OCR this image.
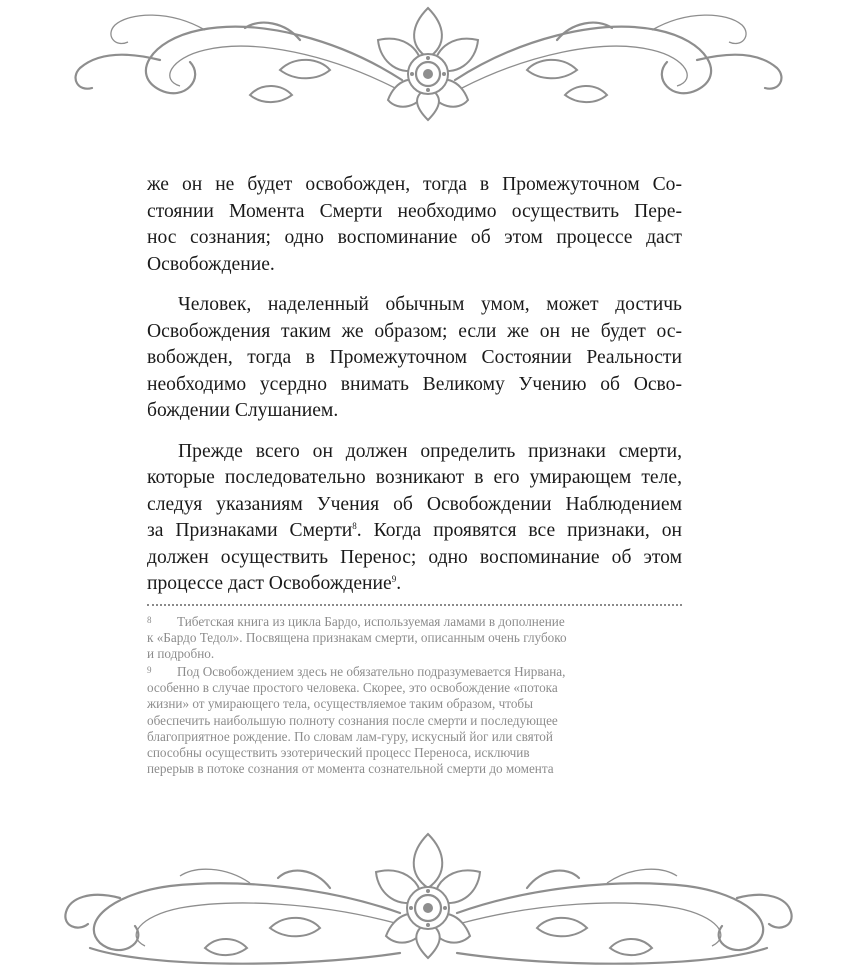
же он не будет освобожден, тогда в Промежуточном Со-
стоянии Момента Смерти необходимо осуществить Пере-
нос сознания; одно воспоминание об этом процессе даст
Освобождение.

Человек, наделенный обычным умом, может достичь
Освобождения таким же образом; если же он не будет ос-
вобожден, тогда в Промежуточном Состоянии Реальности
необходимо усердно внимать Великому Учению об Осво-
бождении Слушанием.

Прежде всего он должен определить признаки смерти,
которые последовательно возникают в его умирающем теле,
следуя указаниям Учения об Освобождении Наблюдением
за Признаками Смерти$^8$. Когда проявятся все признаки, он
должен осуществить Перенос; одно воспоминание об этом
процессе даст Освобождение$^9$.

8 Тибетская книга из цикла Бардо, используемая ламами в дополнение
к «Бардо Тедол». Посвящена признакам смерти, описанным очень глубоко
и подробно.
9 Под Освобождением здесь не обязательно подразумевается Нирвана,
особенно в случае простого человека. Скорее, это освобождение «потока
жизни» от умирающего тела, осуществляемое таким образом, чтобы
обеспечить наибольшую полноту сознания после смерти и последующее
благоприятное рождение. По словам лам-гуру, искусный йог или святой
способны осуществить эзотерический процесс Переноса, исключив
перерыв в потоке сознания от момента сознательной смерти до момента
